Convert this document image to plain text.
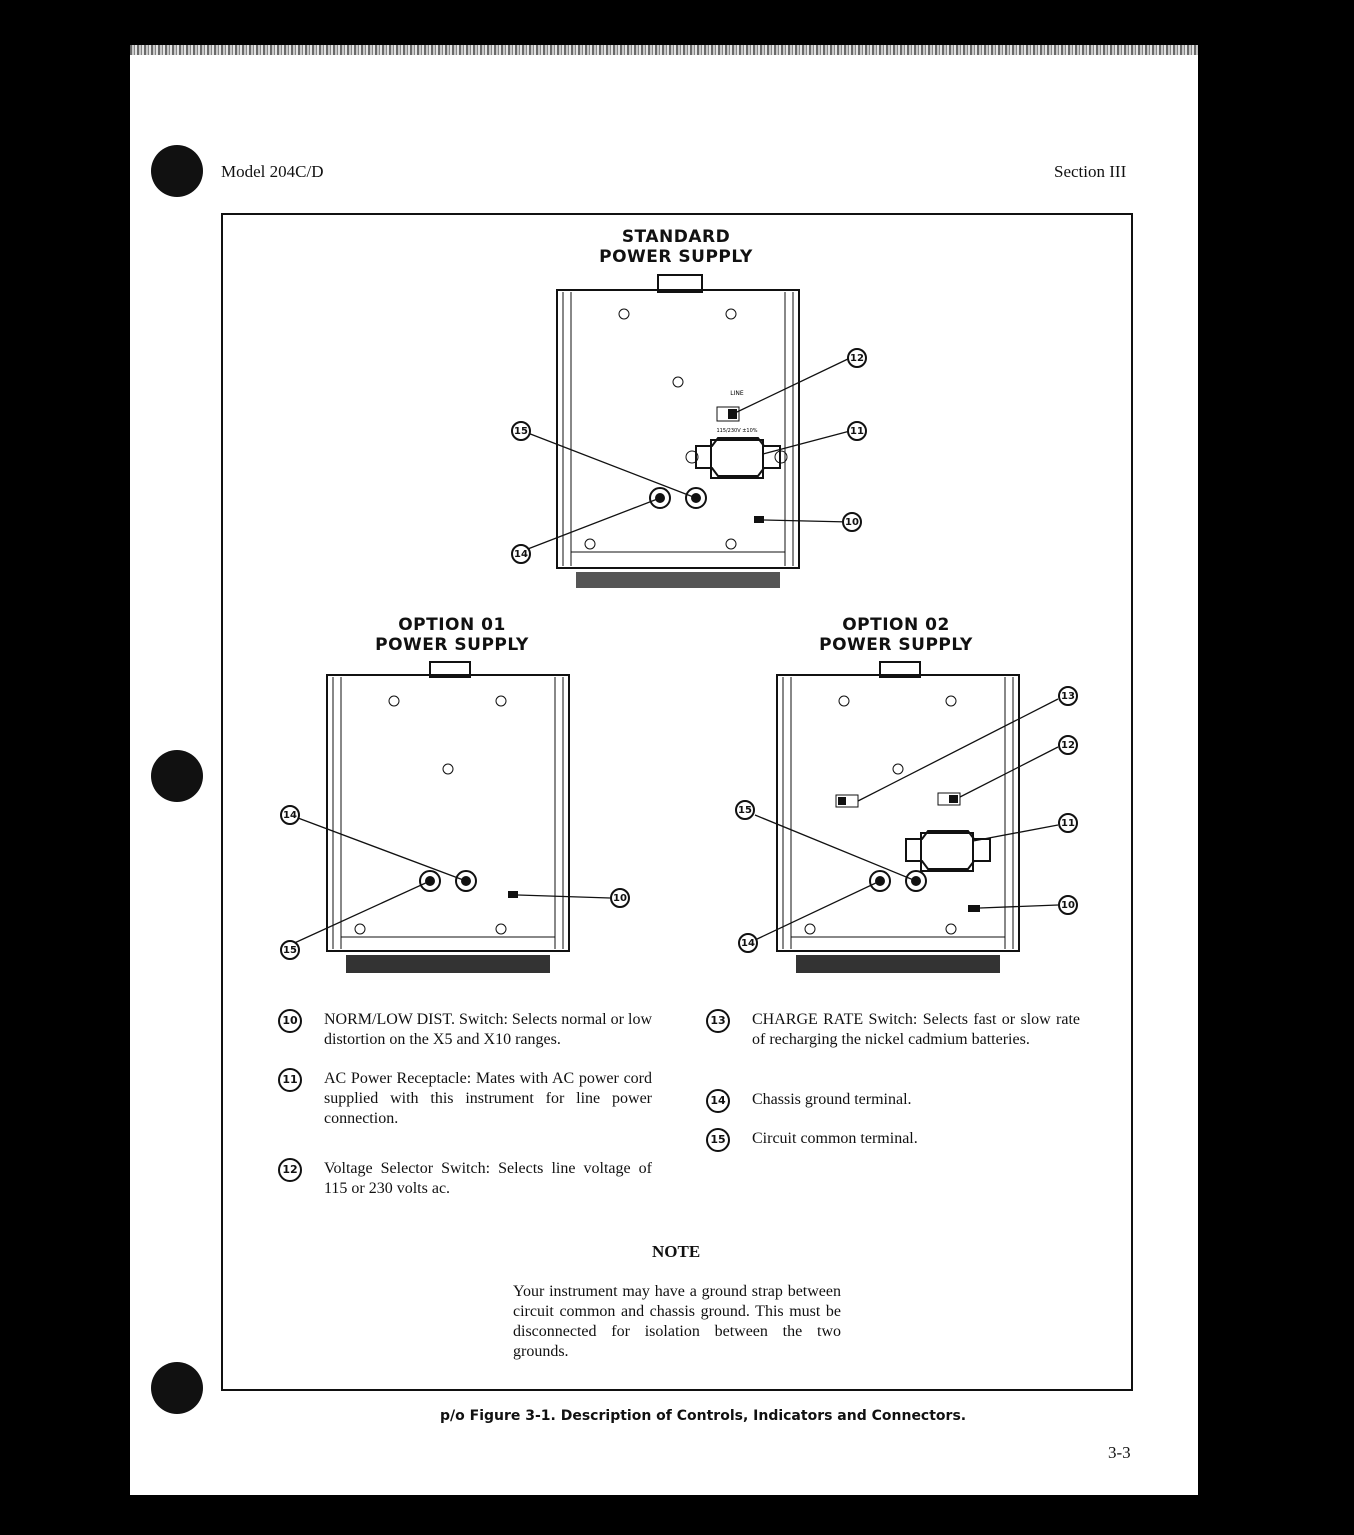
Model 204C/D	Section III
STANDARD
POWER SUPPLY
OPTION 01
POWER SUPPLY
OPTION 02
POWER SUPPLY
LINE
115/230V ±10%
15
14
12
11
10
14
15
10
15
14
13
12
11
10
10 NORM/LOW DIST. Switch: Selects normal or low distortion on the X5 and X10 ranges.
11 AC Power Receptacle: Mates with AC power cord supplied with this instrument for line power connection.
12 Voltage Selector Switch: Selects line voltage of 115 or 230 volts ac.
13 CHARGE RATE Switch: Selects fast or slow rate of recharging the nickel cadmium batteries.
14 Chassis ground terminal.
15 Circuit common terminal.
NOTE
Your instrument may have a ground strap between circuit common and chassis ground. This must be disconnected for isolation between the two grounds.
p/o Figure 3-1. Description of Controls, Indicators and Connectors.
3-3
